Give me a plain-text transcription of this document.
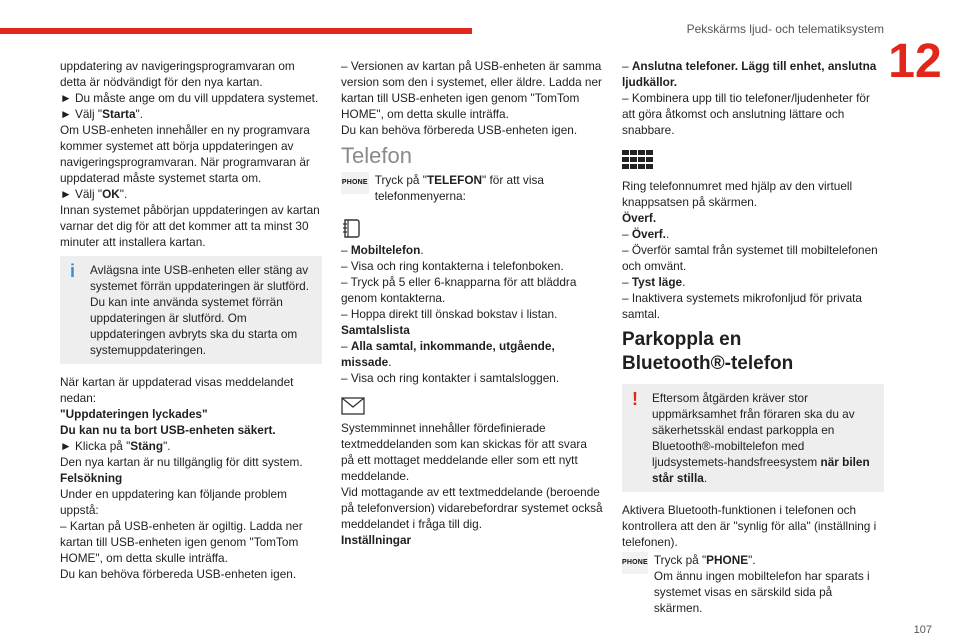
Pekskärms ljud- och telematiksystem
12

uppdatering av navigeringsprogramvaran om detta är nödvändigt för den nya kartan.

► Du måste ange om du vill uppdatera systemet.

► Välj "Starta".

Om USB-enheten innehåller en ny programvara kommer systemet att börja uppdateringen av navigeringsprogramvaran. När programvaran är uppdaterad måste systemet starta om.

► Välj "OK".

Innan systemet påbörjan uppdateringen av kartan varnar det dig för att det kommer att ta minst 30 minuter att installera kartan.

i	Avlägsna inte USB-enheten eller stäng av systemet förrän uppdateringen är slutförd. Du kan inte använda systemet förrän uppdateringen är slutförd. Om uppdateringen avbryts ska du starta om systemuppdateringen.

När kartan är uppdaterad visas meddelandet nedan:

"Uppdateringen lyckades"

Du kan nu ta bort USB-enheten säkert.

► Klicka på "Stäng".

Den nya kartan är nu tillgänglig för ditt system.

Felsökning

Under en uppdatering kan följande problem uppstå:

– Kartan på USB-enheten är ogiltig. Ladda ner kartan till USB-enheten igen genom "TomTom HOME", om detta skulle inträffa.

Du kan behöva förbereda USB-enheten igen.

– Versionen av kartan på USB-enheten är samma version som den i systemet, eller äldre. Ladda ner kartan till USB-enheten igen genom "TomTom HOME", om detta skulle inträffa.

Du kan behöva förbereda USB-enheten igen.

Telefon
PHONE Tryck på "TELEFON" för att visa telefonmenyerna:

– Mobiltelefon.

– Visa och ring kontakterna i telefonboken.

– Tryck på 5 eller 6-knapparna för att bläddra genom kontakterna.

– Hoppa direkt till önskad bokstav i listan.

Samtalslista

– Alla samtal, inkommande, utgående, missade.

– Visa och ring kontakter i samtalsloggen.

Systemminnet innehåller fördefinierade textmeddelanden som kan skickas för att svara på ett mottaget meddelande eller som ett nytt meddelande.

Vid mottagande av ett textmeddelande (beroende på telefonversion) vidarebefordrar systemet också meddelandet i fråga till dig.

Inställningar

– Anslutna telefoner. Lägg till enhet, anslutna ljudkällor.

– Kombinera upp till tio telefoner/ljudenheter för att göra åtkomst och anslutning lättare och snabbare.

Ring telefonnumret med hjälp av den virtuell knappsatsen på skärmen.

Överf.

– Överf..

– Överför samtal från systemet till mobiltelefonen och omvänt.

– Tyst läge.

– Inaktivera systemets mikrofonljud för privata samtal.

Parkoppla en
Bluetooth®-telefon
!	Eftersom åtgärden kräver stor uppmärksamhet från föraren ska du av säkerhetsskäl endast parkoppla en Bluetooth®-mobiltelefon med ljudsystemets-handsfreesystem när bilen står stilla.

Aktivera Bluetooth-funktionen i telefonen och kontrollera att den är "synlig för alla" (inställning i telefonen).

PHONE Tryck på "PHONE".

Om ännu ingen mobiltelefon har sparats i systemet visas en särskild sida på skärmen.

107
